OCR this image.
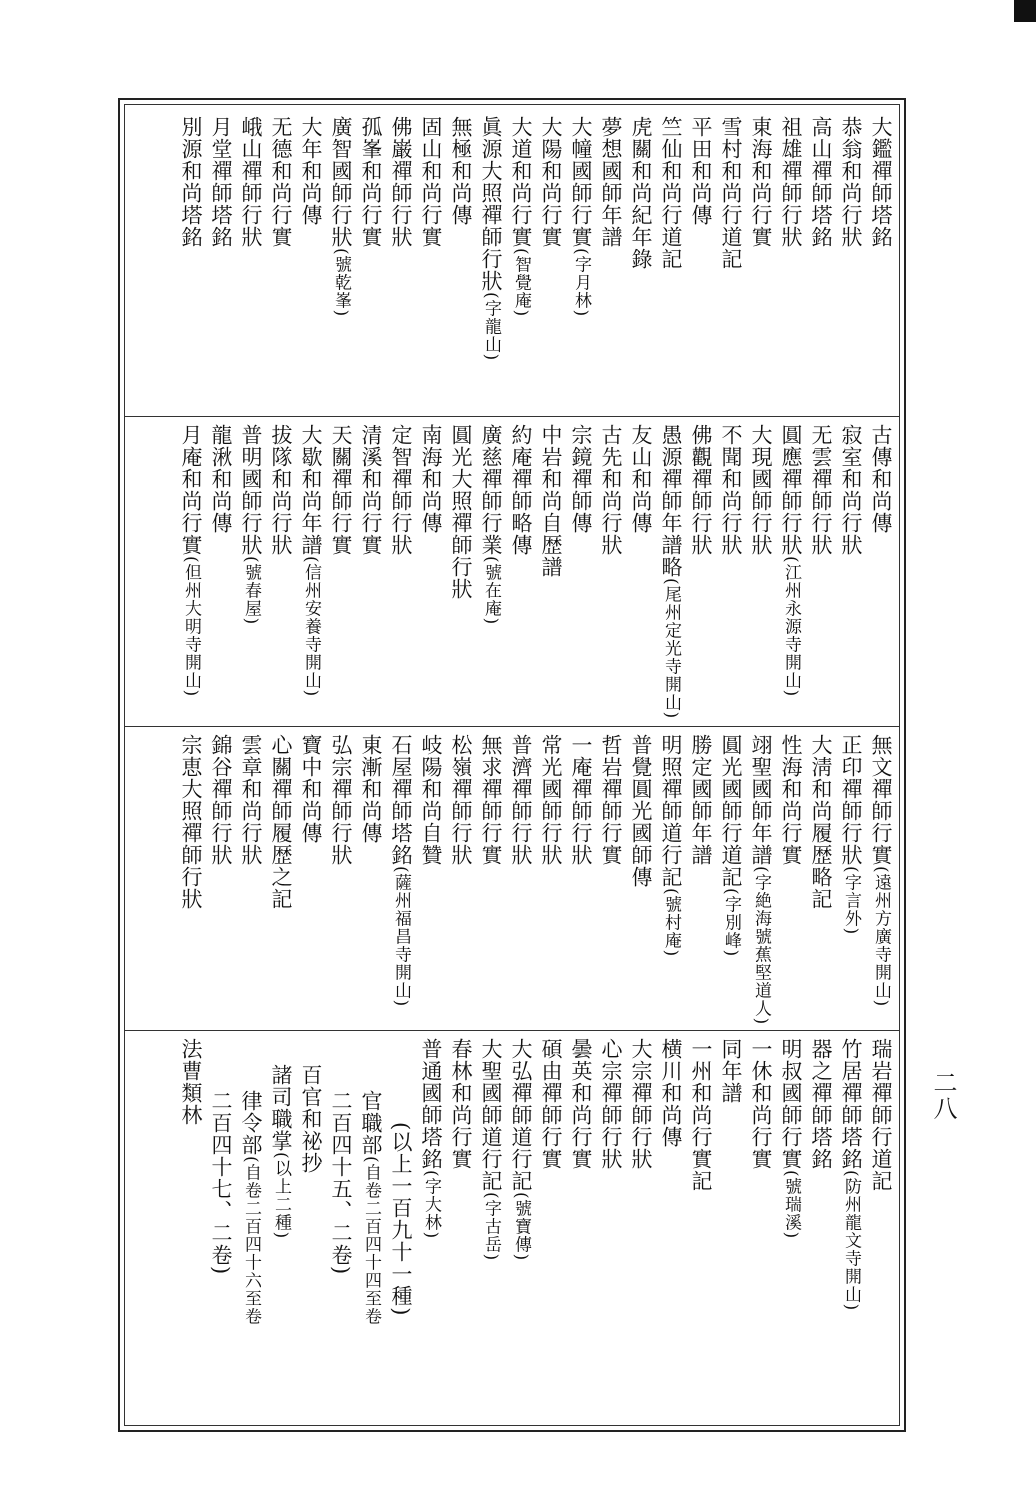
大鑑禪師塔銘
恭翁和尚行狀
高山禪師塔銘
祖雄禪師行狀
東海和尚行實
雪村和尚行道記
平田和尚傳
竺仙和尚行道記
虎關和尚紀年錄
夢想國師年譜
大幢國師行實(字月林)
大陽和尚行實
大道和尚行實(智覺庵)
眞源大照禪師行狀(字龍山)
無極和尚傳
固山和尚行實
佛巌禪師行狀
孤峯和尚行實
廣智國師行狀(號乾峯)
大年和尚傳
无德和尚行實
峨山禪師行狀
月堂禪師塔銘
別源和尚塔銘
古傳和尚傳
寂室和尚行狀
无雲禪師行狀
圓應禪師行狀(江州永源寺開山)
大現國師行狀
不聞和尚行狀
佛觀禪師行狀
愚源禪師年譜略(尾州定光寺開山)
友山和尚傳
古先和尚行狀
宗鏡禪師傳
中岩和尚自歴譜
約庵禪師略傳
廣慈禪師行業(號在庵)
圓光大照禪師行狀
南海和尚傳
定智禪師行狀
清溪和尚行實
天關禪師行實
大歇和尚年譜(信州安養寺開山)
拔隊和尚行狀
普明國師行狀(號春屋)
龍湫和尚傳
月庵和尚行實(但州大明寺開山)
無文禪師行實(遠州方廣寺開山)
正印禪師行狀(字言外)
大淸和尚履歴略記
性海和尚行實
翊聖國師年譜(字絶海號蕉堅道人)
圓光國師行道記(字別峰)
勝定國師年譜
明照禪師道行記(號村庵)
普覺圓光國師傳
哲岩禪師行實
一庵禪師行狀
常光國師行狀
普濟禪師行狀
無求禪師行實
松嶺禪師行狀
岐陽和尚自贊
石屋禪師塔銘(薩州福昌寺開山)
東漸和尚傳
弘宗禪師行狀
寶中和尚傳
心關禪師履歴之記
雲章和尚行狀
錦谷禪師行狀
宗恵大照禪師行狀
瑞岩禪師行道記
竹居禪師塔銘(防州龍文寺開山)
器之禪師塔銘
明叔國師行實(號瑞溪)
一休和尚行實
同年譜
一州和尚行實記
横川和尚傳
大宗禪師行狀
心宗禪師行狀
曇英和尚行實
碩由禪師行實
大弘禪師道行記(號寶傳)
大聖國師道行記(字古岳)
春林和尚行實
普通國師塔銘(字大林)
(以上一百九十一種)
官職部(自卷二百四十四至卷
二百四十五、二卷)
百官和祕抄
諸司職掌(以上二種)
律令部(自卷二百四十六至卷
二百四十七、二卷)
法曹類林	二八
